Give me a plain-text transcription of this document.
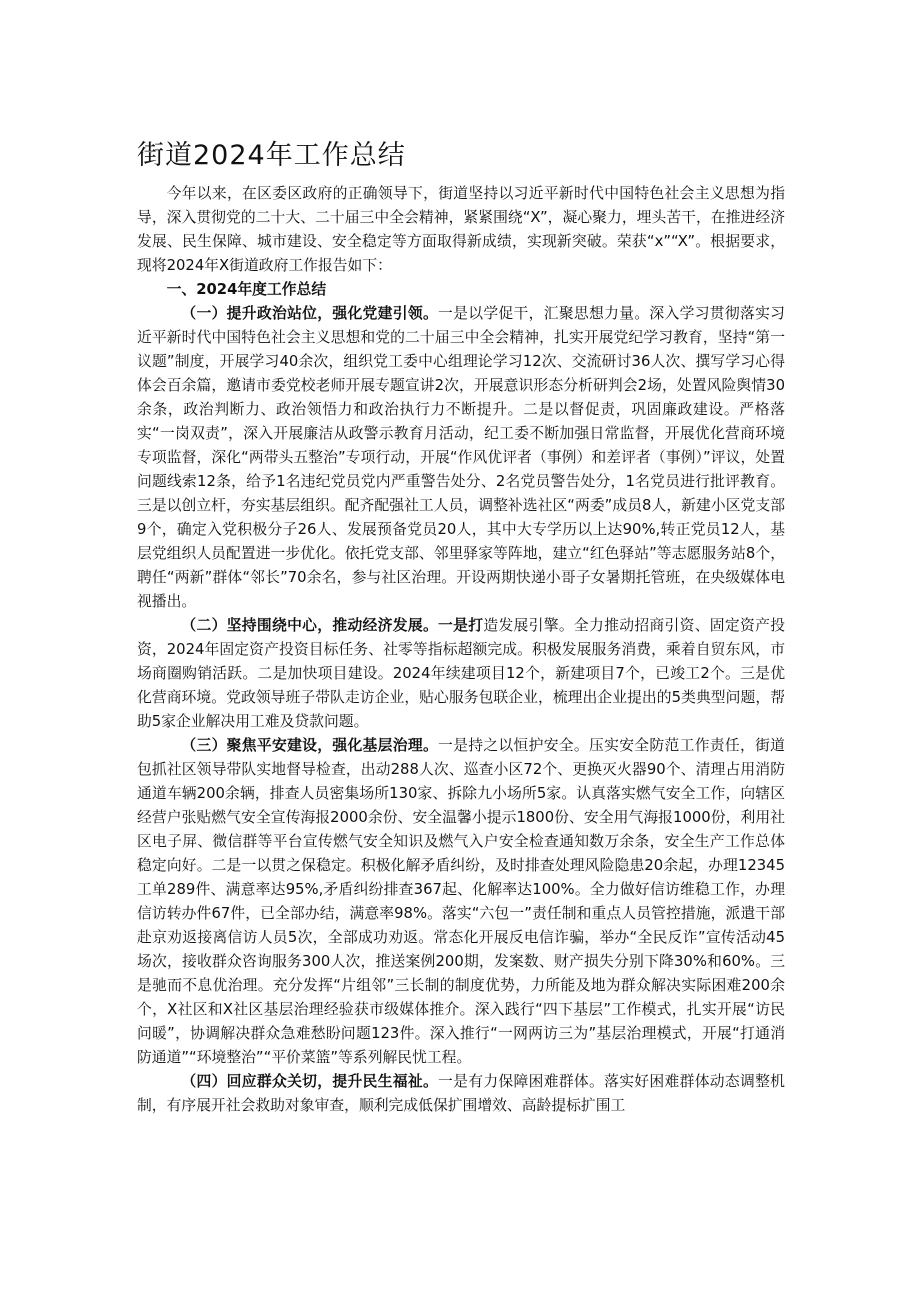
街道2024年工作总结

今年以来，在区委区政府的正确领导下，街道坚持以习近平新时代中国特色社会主义思想为指导，深入贯彻党的二十大、二十届三中全会精神，紧紧围绕“X”，凝心聚力，埋头苦干，在推进经济发展、民生保障、城市建设、安全稳定等方面取得新成绩，实现新突破。荣获“x”“X”。根据要求，现将2024年X街道政府工作报告如下：

一、2024年度工作总结

（一）提升政治站位，强化党建引领。一是以学促干，汇聚思想力量。深入学习贯彻落实习近平新时代中国特色社会主义思想和党的二十届三中全会精神，扎实开展党纪学习教育，坚持“第一议题”制度，开展学习40余次，组织党工委中心组理论学习12次、交流研讨36人次、撰写学习心得体会百余篇，邀请市委党校老师开展专题宣讲2次，开展意识形态分析研判会2场，处置风险舆情30余条，政治判断力、政治领悟力和政治执行力不断提升。二是以督促责，巩固廉政建设。严格落实“一岗双责”，深入开展廉洁从政警示教育月活动，纪工委不断加强日常监督，开展优化营商环境专项监督，深化“两带头五整治”专项行动，开展“作风优评者（事例）和差评者（事例）”评议，处置问题线索12条，给予1名违纪党员党内严重警告处分、2名党员警告处分，1名党员进行批评教育。三是以创立杆，夯实基层组织。配齐配强社工人员，调整补选社区“两委”成员8人，新建小区党支部9个，确定入党积极分子26人、发展预备党员20人，其中大专学历以上达90%,转正党员12人，基层党组织人员配置进一步优化。依托党支部、邻里驿家等阵地，建立“红色驿站”等志愿服务站8个，聘任“两新”群体“邻长”70余名，参与社区治理。开设两期快递小哥子女暑期托管班，在央级媒体电视播出。

（二）坚持围绕中心，推动经济发展。一是打造发展引擎。全力推动招商引资、固定资产投资，2024年固定资产投资目标任务、社零等指标超额完成。积极发展服务消费，乘着自贸东风，市场商圈购销活跃。二是加快项目建设。2024年续建项目12个，新建项目7个，已竣工2个。三是优化营商环境。党政领导班子带队走访企业，贴心服务包联企业，梳理出企业提出的5类典型问题，帮助5家企业解决用工难及贷款问题。

（三）聚焦平安建设，强化基层治理。一是持之以恒护安全。压实安全防范工作责任，街道包抓社区领导带队实地督导检查，出动288人次、巡查小区72个、更换灭火器90个、清理占用消防通道车辆200余辆，排查人员密集场所130家、拆除九小场所5家。认真落实燃气安全工作，向辖区经营户张贴燃气安全宣传海报2000余份、安全温馨小提示1800份、安全用气海报1000份，利用社区电子屏、微信群等平台宣传燃气安全知识及燃气入户安全检查通知数万余条，安全生产工作总体稳定向好。二是一以贯之保稳定。积极化解矛盾纠纷，及时排查处理风险隐患20余起，办理12345工单289件、满意率达95%,矛盾纠纷排查367起、化解率达100%。全力做好信访维稳工作，办理信访转办件67件，已全部办结，满意率98%。落实“六包一”责任制和重点人员管控措施，派遣干部赴京劝返接离信访人员5次，全部成功劝返。常态化开展反电信诈骗，举办“全民反诈”宣传活动45场次，接收群众咨询服务300人次，推送案例200期，发案数、财产损失分别下降30%和60%。三是驰而不息优治理。充分发挥“片组邻”三长制的制度优势，力所能及地为群众解决实际困难200余个，X社区和X社区基层治理经验获市级媒体推介。深入践行“四下基层”工作模式，扎实开展“访民问暖”，协调解决群众急难愁盼问题123件。深入推行“一网两访三为”基层治理模式，开展“打通消防通道”“环境整治”“平价菜篮”等系列解民忧工程。

（四）回应群众关切，提升民生福祉。一是有力保障困难群体。落实好困难群体动态调整机制，有序展开社会救助对象审查，顺利完成低保扩围增效、高龄提标扩围工
